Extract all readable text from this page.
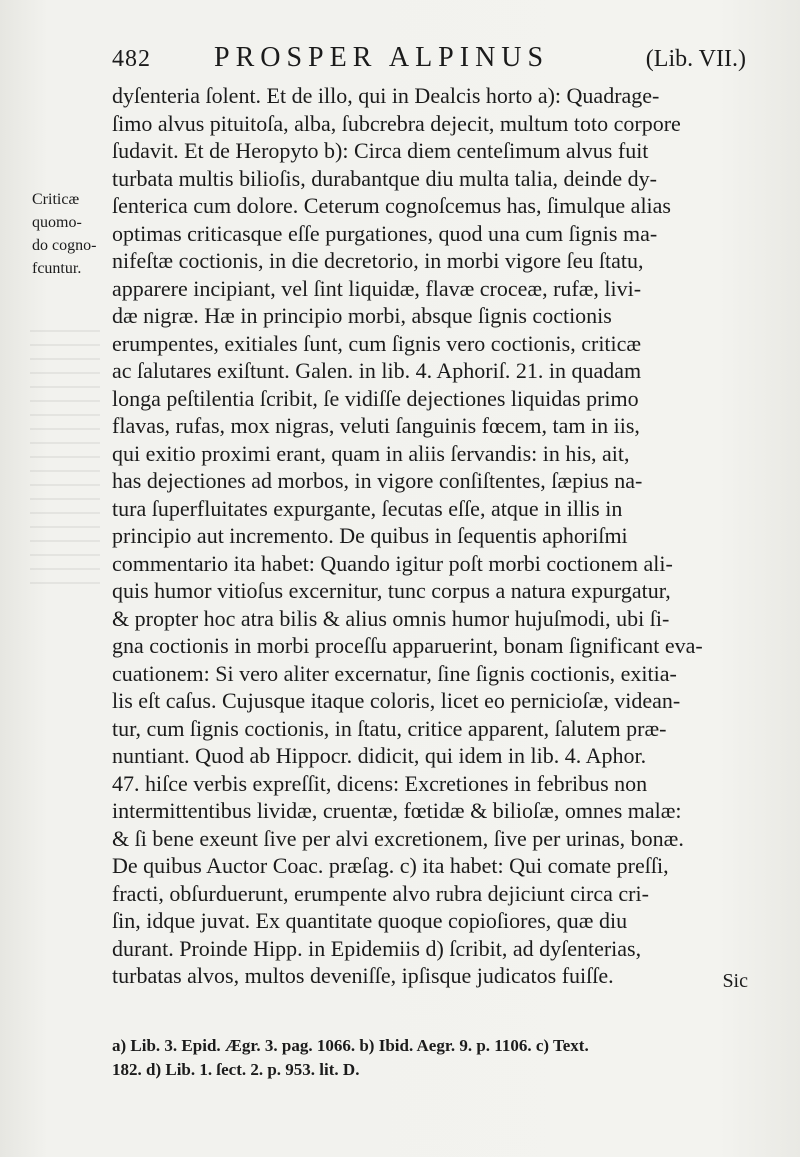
482 PROSPER ALPINUS	(Lib. VII.)
Criticæ
quomo-
do cogno-
fcuntur.
dyſenteria ſolent. Et de illo, qui in Dealcis horto a): Quadrage-
ſimo alvus pituitoſa, alba, ſubcrebra dejecit, multum toto corpore
ſudavit. Et de Heropyto b): Circa diem centeſimum alvus fuit
turbata multis bilioſis, durabantque diu multa talia, deinde dy-
ſenterica cum dolore. Ceterum cognoſcemus has, ſimulque alias
optimas criticasque eſſe purgationes, quod una cum ſignis ma-
nifeſtæ coctionis, in die decretorio, in morbi vigore ſeu ſtatu,
apparere incipiant, vel ſint liquidæ, flavæ croceæ, rufæ, livi-
dæ nigræ. Hæ in principio morbi, absque ſignis coctionis
erumpentes, exitiales ſunt, cum ſignis vero coctionis, criticæ
ac ſalutares exiſtunt. Galen. in lib. 4. Aphoriſ. 21. in quadam
longa peſtilentia ſcribit, ſe vidiſſe dejectiones liquidas primo
flavas, rufas, mox nigras, veluti ſanguinis fœcem, tam in iis,
qui exitio proximi erant, quam in aliis ſervandis: in his, ait,
has dejectiones ad morbos, in vigore conſiſtentes, ſæpius na-
tura ſuperfluitates expurgante, ſecutas eſſe, atque in illis in
principio aut incremento. De quibus in ſequentis aphoriſmi
commentario ita habet: Quando igitur poſt morbi coctionem ali-
quis humor vitioſus excernitur, tunc corpus a natura expurgatur,
& propter hoc atra bilis & alius omnis humor hujuſmodi, ubi ſi-
gna coctionis in morbi proceſſu apparuerint, bonam ſignificant eva-
cuationem: Si vero aliter excernatur, ſine ſignis coctionis, exitia-
lis eſt caſus. Cujusque itaque coloris, licet eo pernicioſæ, videan-
tur, cum ſignis coctionis, in ſtatu, critice apparent, ſalutem præ-
nuntiant. Quod ab Hippocr. didicit, qui idem in lib. 4. Aphor.
47. hiſce verbis expreſſit, dicens: Excretiones in febribus non
intermittentibus lividæ, cruentæ, fœtidæ & bilioſæ, omnes malæ:
& ſi bene exeunt ſive per alvi excretionem, ſive per urinas, bonæ.
De quibus Auctor Coac. præſag. c) ita habet: Qui comate preſſi,
fracti, obſurduerunt, erumpente alvo rubra dejiciunt circa cri-
ſin, idque juvat. Ex quantitate quoque copioſiores, quæ diu
durant. Proinde Hipp. in Epidemiis d) ſcribit, ad dyſenterias,
turbatas alvos, multos deveniſſe, ipſisque judicatos fuiſſe.	Sic
a) Lib. 3. Epid. Ægr. 3. pag. 1066. b) Ibid. Aegr. 9. p. 1106. c) Text.
182. d) Lib. 1. ſect. 2. p. 953. lit. D.
